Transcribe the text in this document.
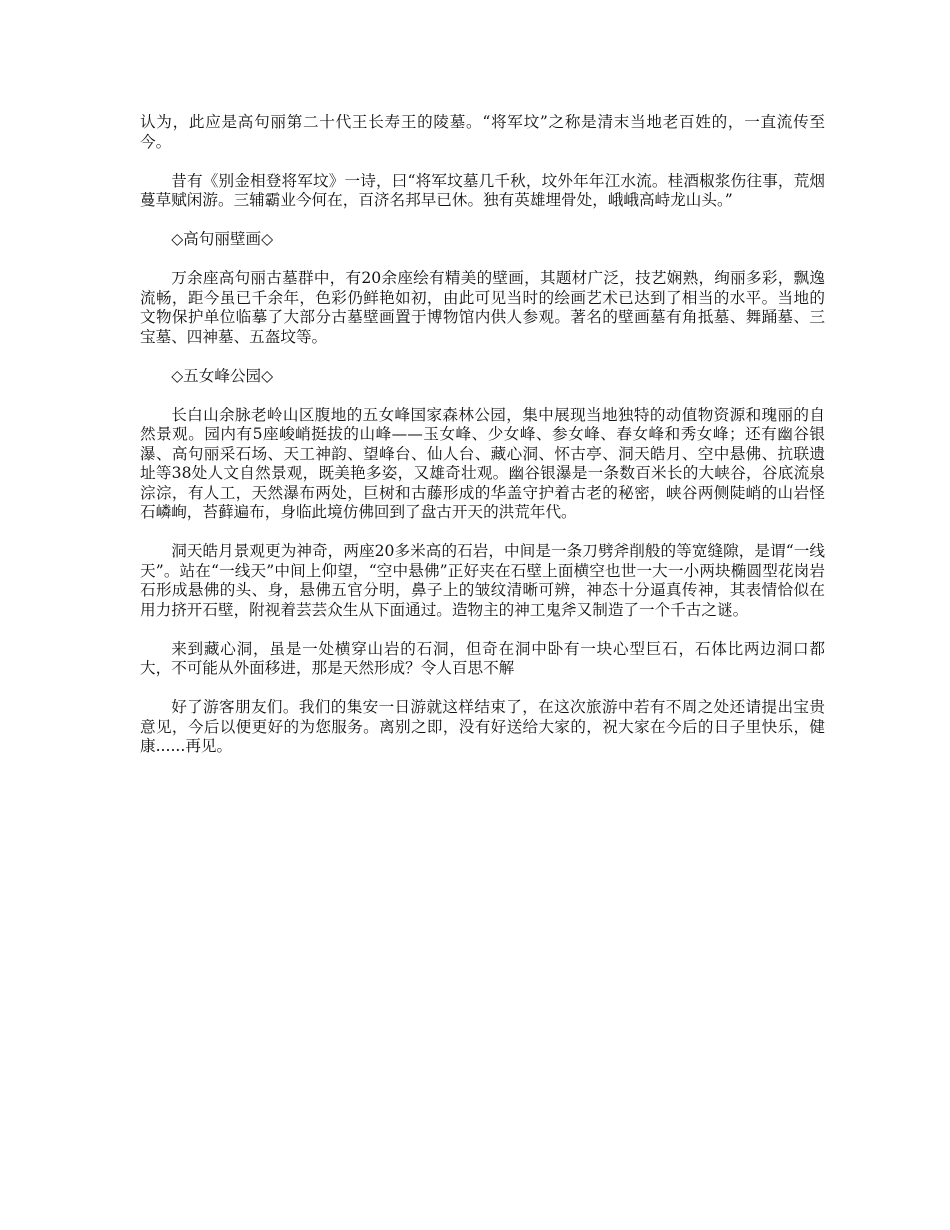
认为，此应是高句丽第二十代王长寿王的陵墓。“将军坟”之称是清末当地老百姓的，一直流传至今。

昔有《别金相登将军坟》一诗，曰“将军坟墓几千秋，坟外年年江水流。桂酒椒浆伤往事，荒烟蔓草赋闲游。三辅霸业今何在，百济名邦早已休。独有英雄埋骨处，峨峨高峙龙山头。”

◇高句丽壁画◇

万余座高句丽古墓群中，有20余座绘有精美的壁画，其题材广泛，技艺娴熟，绚丽多彩，飘逸流畅，距今虽已千余年，色彩仍鲜艳如初，由此可见当时的绘画艺术已达到了相当的水平。当地的文物保护单位临摹了大部分古墓壁画置于博物馆内供人参观。著名的壁画墓有角抵墓、舞踊墓、三宝墓、四神墓、五盔坟等。

◇五女峰公园◇

长白山余脉老岭山区腹地的五女峰国家森林公园，集中展现当地独特的动值物资源和瑰丽的自然景观。园内有5座峻峭挺拔的山峰——玉女峰、少女峰、参女峰、春女峰和秀女峰；还有幽谷银瀑、高句丽采石场、天工神韵、望峰台、仙人台、藏心洞、怀古亭、洞天皓月、空中悬佛、抗联遗址等38处人文自然景观，既美艳多姿，又雄奇壮观。幽谷银瀑是一条数百米长的大峡谷，谷底流泉淙淙，有人工，天然瀑布两处，巨树和古藤形成的华盖守护着古老的秘密，峡谷两侧陡峭的山岩怪石嶙峋，苔藓遍布，身临此境仿佛回到了盘古开天的洪荒年代。

洞天皓月景观更为神奇，两座20多米高的石岩，中间是一条刀劈斧削般的等宽缝隙，是谓“一线天”。站在“一线天”中间上仰望，“空中悬佛”正好夹在石壁上面横空也世一大一小两块椭圆型花岗岩石形成悬佛的头、身，悬佛五官分明，鼻子上的皱纹清晰可辨，神态十分逼真传神，其表情恰似在用力挤开石壁，附视着芸芸众生从下面通过。造物主的神工鬼斧又制造了一个千古之谜。

来到藏心洞，虽是一处横穿山岩的石洞，但奇在洞中卧有一块心型巨石，石体比两边洞口都大，不可能从外面移进，那是天然形成？令人百思不解

好了游客朋友们。我们的集安一日游就这样结束了，在这次旅游中若有不周之处还请提出宝贵意见，今后以便更好的为您服务。离别之即，没有好送给大家的，祝大家在今后的日子里快乐，健康......再见。
